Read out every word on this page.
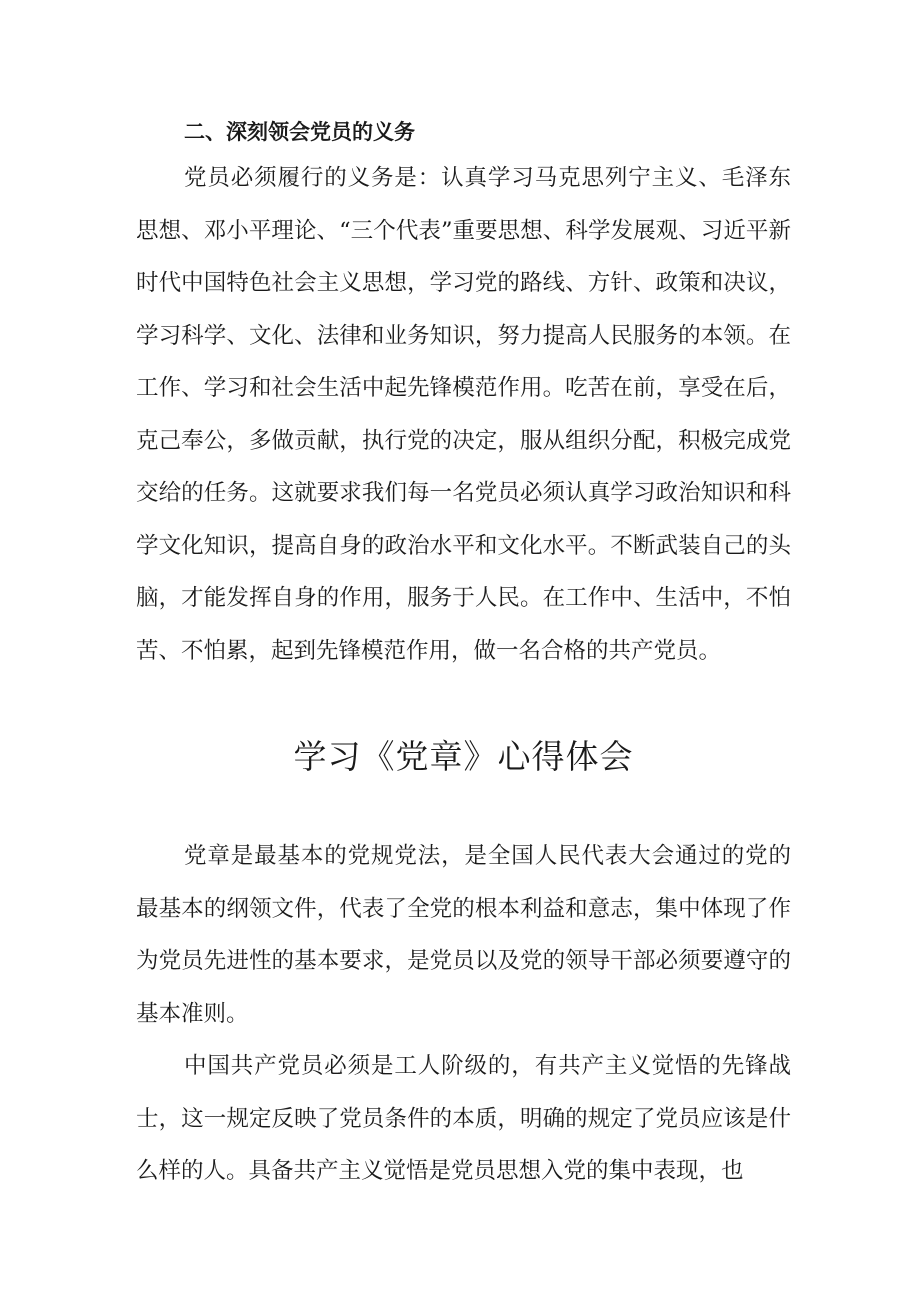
二、深刻领会党员的义务

党员必须履行的义务是：认真学习马克思列宁主义、毛泽东思想、邓小平理论、“三个代表”重要思想、科学发展观、习近平新时代中国特色社会主义思想，学习党的路线、方针、政策和决议，学习科学、文化、法律和业务知识，努力提高人民服务的本领。在工作、学习和社会生活中起先锋模范作用。吃苦在前，享受在后，克己奉公，多做贡献，执行党的决定，服从组织分配，积极完成党交给的任务。这就要求我们每一名党员必须认真学习政治知识和科学文化知识，提高自身的政治水平和文化水平。不断武装自己的头脑，才能发挥自身的作用，服务于人民。在工作中、生活中，不怕苦、不怕累，起到先锋模范作用，做一名合格的共产党员。

学习《党章》心得体会

党章是最基本的党规党法，是全国人民代表大会通过的党的最基本的纲领文件，代表了全党的根本利益和意志，集中体现了作为党员先进性的基本要求，是党员以及党的领导干部必须要遵守的基本准则。

中国共产党员必须是工人阶级的，有共产主义觉悟的先锋战士，这一规定反映了党员条件的本质，明确的规定了党员应该是什么样的人。具备共产主义觉悟是党员思想入党的集中表现，也
